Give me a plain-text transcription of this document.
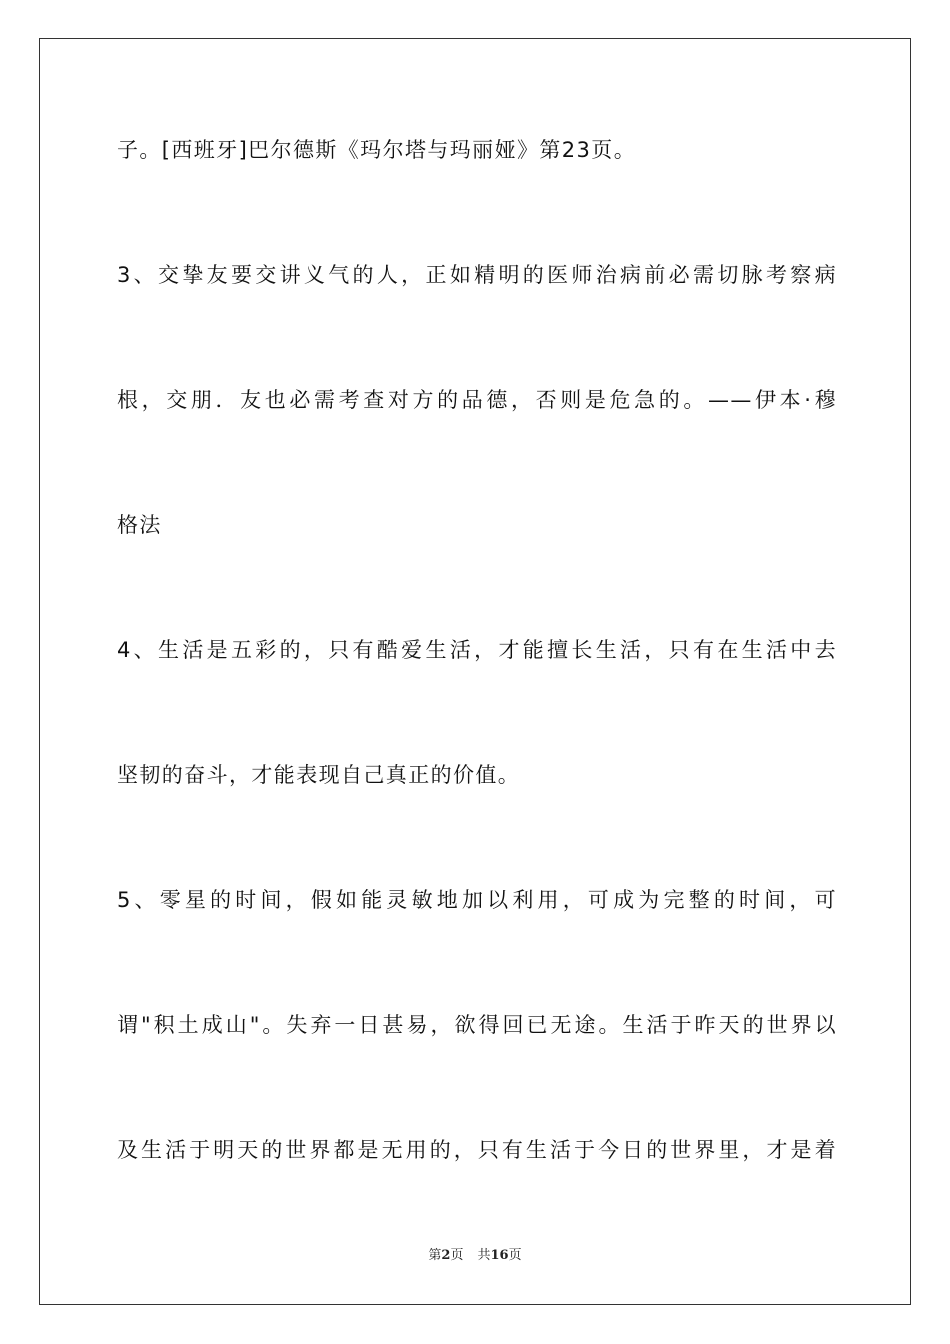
子。[西班牙]巴尔德斯《玛尔塔与玛丽娅》第23页。
3、交挚友要交讲义气的人，正如精明的医师治病前必需切脉考察病
根，交朋．友也必需考查对方的品德，否则是危急的。——伊本·穆
格法
4、生活是五彩的，只有酷爱生活，才能擅长生活，只有在生活中去
坚韧的奋斗，才能表现自己真正的价值。
5、零星的时间，假如能灵敏地加以利用，可成为完整的时间，可
谓"积土成山"。失弃一日甚易，欲得回已无途。生活于昨天的世界以
及生活于明天的世界都是无用的，只有生活于今日的世界里，才是着
第2页 共16页
